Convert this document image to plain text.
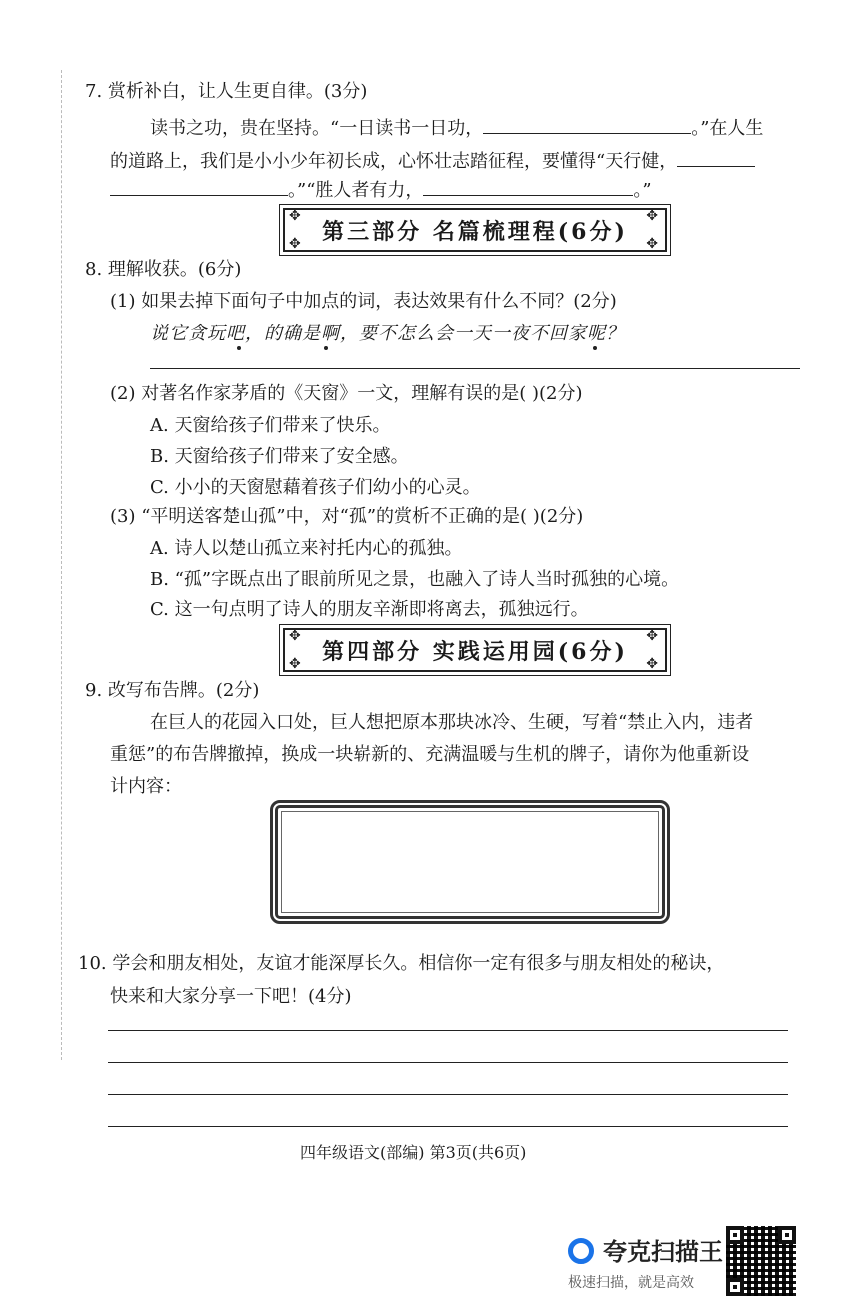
7. 赏析补白，让人生更自律。(3分)
读书之功，贵在坚持。“一日读书一日功，	。”在人生
的道路上，我们是小小少年初长成，心怀壮志踏征程，要懂得“天行健，
。”“胜人者有力，	。”
✥	✥
✥	✥
第三部分 名篇梳理程(6分)
8. 理解收获。(6分)
(1) 如果去掉下面句子中加点的词，表达效果有什么不同？(2分)
说它贪玩吧，的确是啊，要不怎么会一天一夜不回家呢？
(2) 对著名作家茅盾的《天窗》一文，理解有误的是( )(2分)
A. 天窗给孩子们带来了快乐。
B. 天窗给孩子们带来了安全感。
C. 小小的天窗慰藉着孩子们幼小的心灵。
(3) “平明送客楚山孤”中，对“孤”的赏析不正确的是( )(2分)
A. 诗人以楚山孤立来衬托内心的孤独。
B. “孤”字既点出了眼前所见之景，也融入了诗人当时孤独的心境。
C. 这一句点明了诗人的朋友辛渐即将离去，孤独远行。
✥	✥
✥	✥
第四部分 实践运用园(6分)
9. 改写布告牌。(2分)
在巨人的花园入口处，巨人想把原本那块冰冷、生硬，写着“禁止入内，违者
重惩”的布告牌撤掉，换成一块崭新的、充满温暖与生机的牌子，请你为他重新设
计内容：
10. 学会和朋友相处，友谊才能深厚长久。相信你一定有很多与朋友相处的秘诀，
快来和大家分享一下吧！(4分)
四年级语文(部编) 第3页(共6页)
夸克扫描王
极速扫描，就是高效
